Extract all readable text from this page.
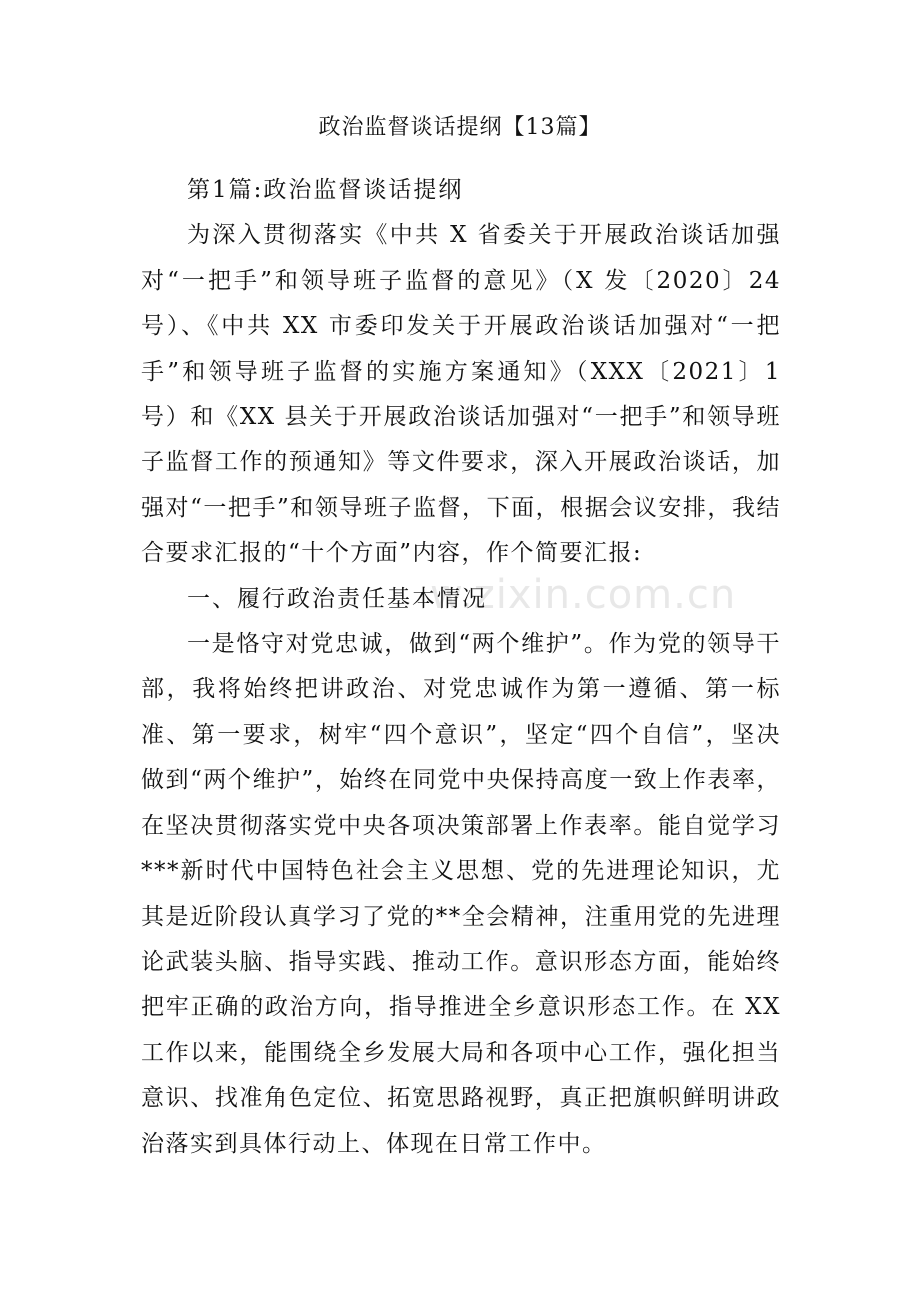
w.zixin.com.cn
政治监督谈话提纲【13篇】

第1篇:政治监督谈话提纲

为深入贯彻落实《中共 X 省委关于开展政治谈话加强对“一把手”和领导班子监督的意见》（X 发〔2020〕24 号）、《中共 XX 市委印发关于开展政治谈话加强对“一把手”和领导班子监督的实施方案通知》（XXX〔2021〕1 号）和《XX 县关于开展政治谈话加强对“一把手”和领导班子监督工作的预通知》等文件要求，深入开展政治谈话，加强对“一把手”和领导班子监督，下面，根据会议安排，我结合要求汇报的“十个方面”内容，作个简要汇报:

一、履行政治责任基本情况

一是恪守对党忠诚，做到“两个维护”。作为党的领导干部，我将始终把讲政治、对党忠诚作为第一遵循、第一标准、第一要求，树牢“四个意识”，坚定“四个自信”，坚决做到“两个维护”，始终在同党中央保持高度一致上作表率，在坚决贯彻落实党中央各项决策部署上作表率。能自觉学习***新时代中国特色社会主义思想、党的先进理论知识，尤其是近阶段认真学习了党的**全会精神，注重用党的先进理论武装头脑、指导实践、推动工作。意识形态方面，能始终把牢正确的政治方向，指导推进全乡意识形态工作。在 XX 工作以来，能围绕全乡发展大局和各项中心工作，强化担当意识、找准角色定位、拓宽思路视野，真正把旗帜鲜明讲政治落实到具体行动上、体现在日常工作中。
